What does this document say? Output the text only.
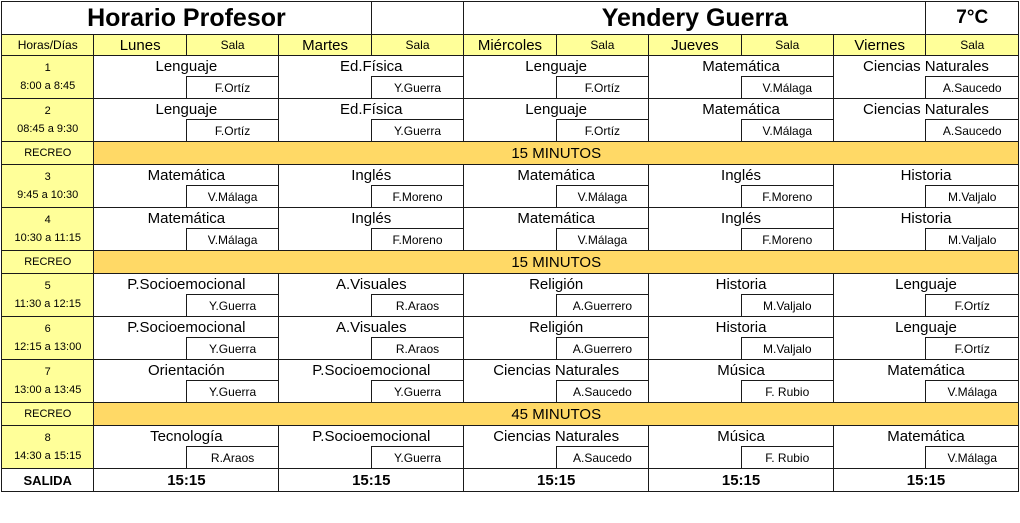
Horario Profesor					Yendery Guerra					7°C
Horas/Días	Lunes	Sala	Martes	Sala	Miércoles	Sala	Jueves	Sala	Viernes	Sala

1
8:00 a 8:45	Lenguaje		Ed.Física		Lenguaje		Matemática		Ciencias Naturales	
		F.Ortíz		Y.Guerra		F.Ortíz		V.Málaga		A.Saucedo

2
08:45 a 9:30	Lenguaje		Ed.Física		Lenguaje		Matemática		Ciencias Naturales	
		F.Ortíz		Y.Guerra		F.Ortíz		V.Málaga		A.Saucedo
RECREO	15 MINUTOS									

3
9:45 a 10:30	Matemática		Inglés		Matemática		Inglés		Historia	
		V.Málaga		F.Moreno		V.Málaga		F.Moreno		M.Valjalo

4
10:30 a 11:15	Matemática		Inglés		Matemática		Inglés		Historia	
		V.Málaga		F.Moreno		V.Málaga		F.Moreno		M.Valjalo
RECREO	15 MINUTOS									

5
11:30 a 12:15	P.Socioemocional		A.Visuales		Religión		Historia		Lenguaje	
		Y.Guerra		R.Araos		A.Guerrero		M.Valjalo		F.Ortíz

6
12:15 a 13:00	P.Socioemocional		A.Visuales		Religión		Historia		Lenguaje	
		Y.Guerra		R.Araos		A.Guerrero		M.Valjalo		F.Ortíz

7
13:00 a 13:45	Orientación		P.Socioemocional		Ciencias Naturales		Música		Matemática	
		Y.Guerra		Y.Guerra		A.Saucedo		F. Rubio		V.Málaga
RECREO	45 MINUTOS									

8
14:30 a 15:15	Tecnología		P.Socioemocional		Ciencias Naturales		Música		Matemática	
		R.Araos		Y.Guerra		A.Saucedo		F. Rubio		V.Málaga
SALIDA	15:15		15:15		15:15		15:15		15:15	
